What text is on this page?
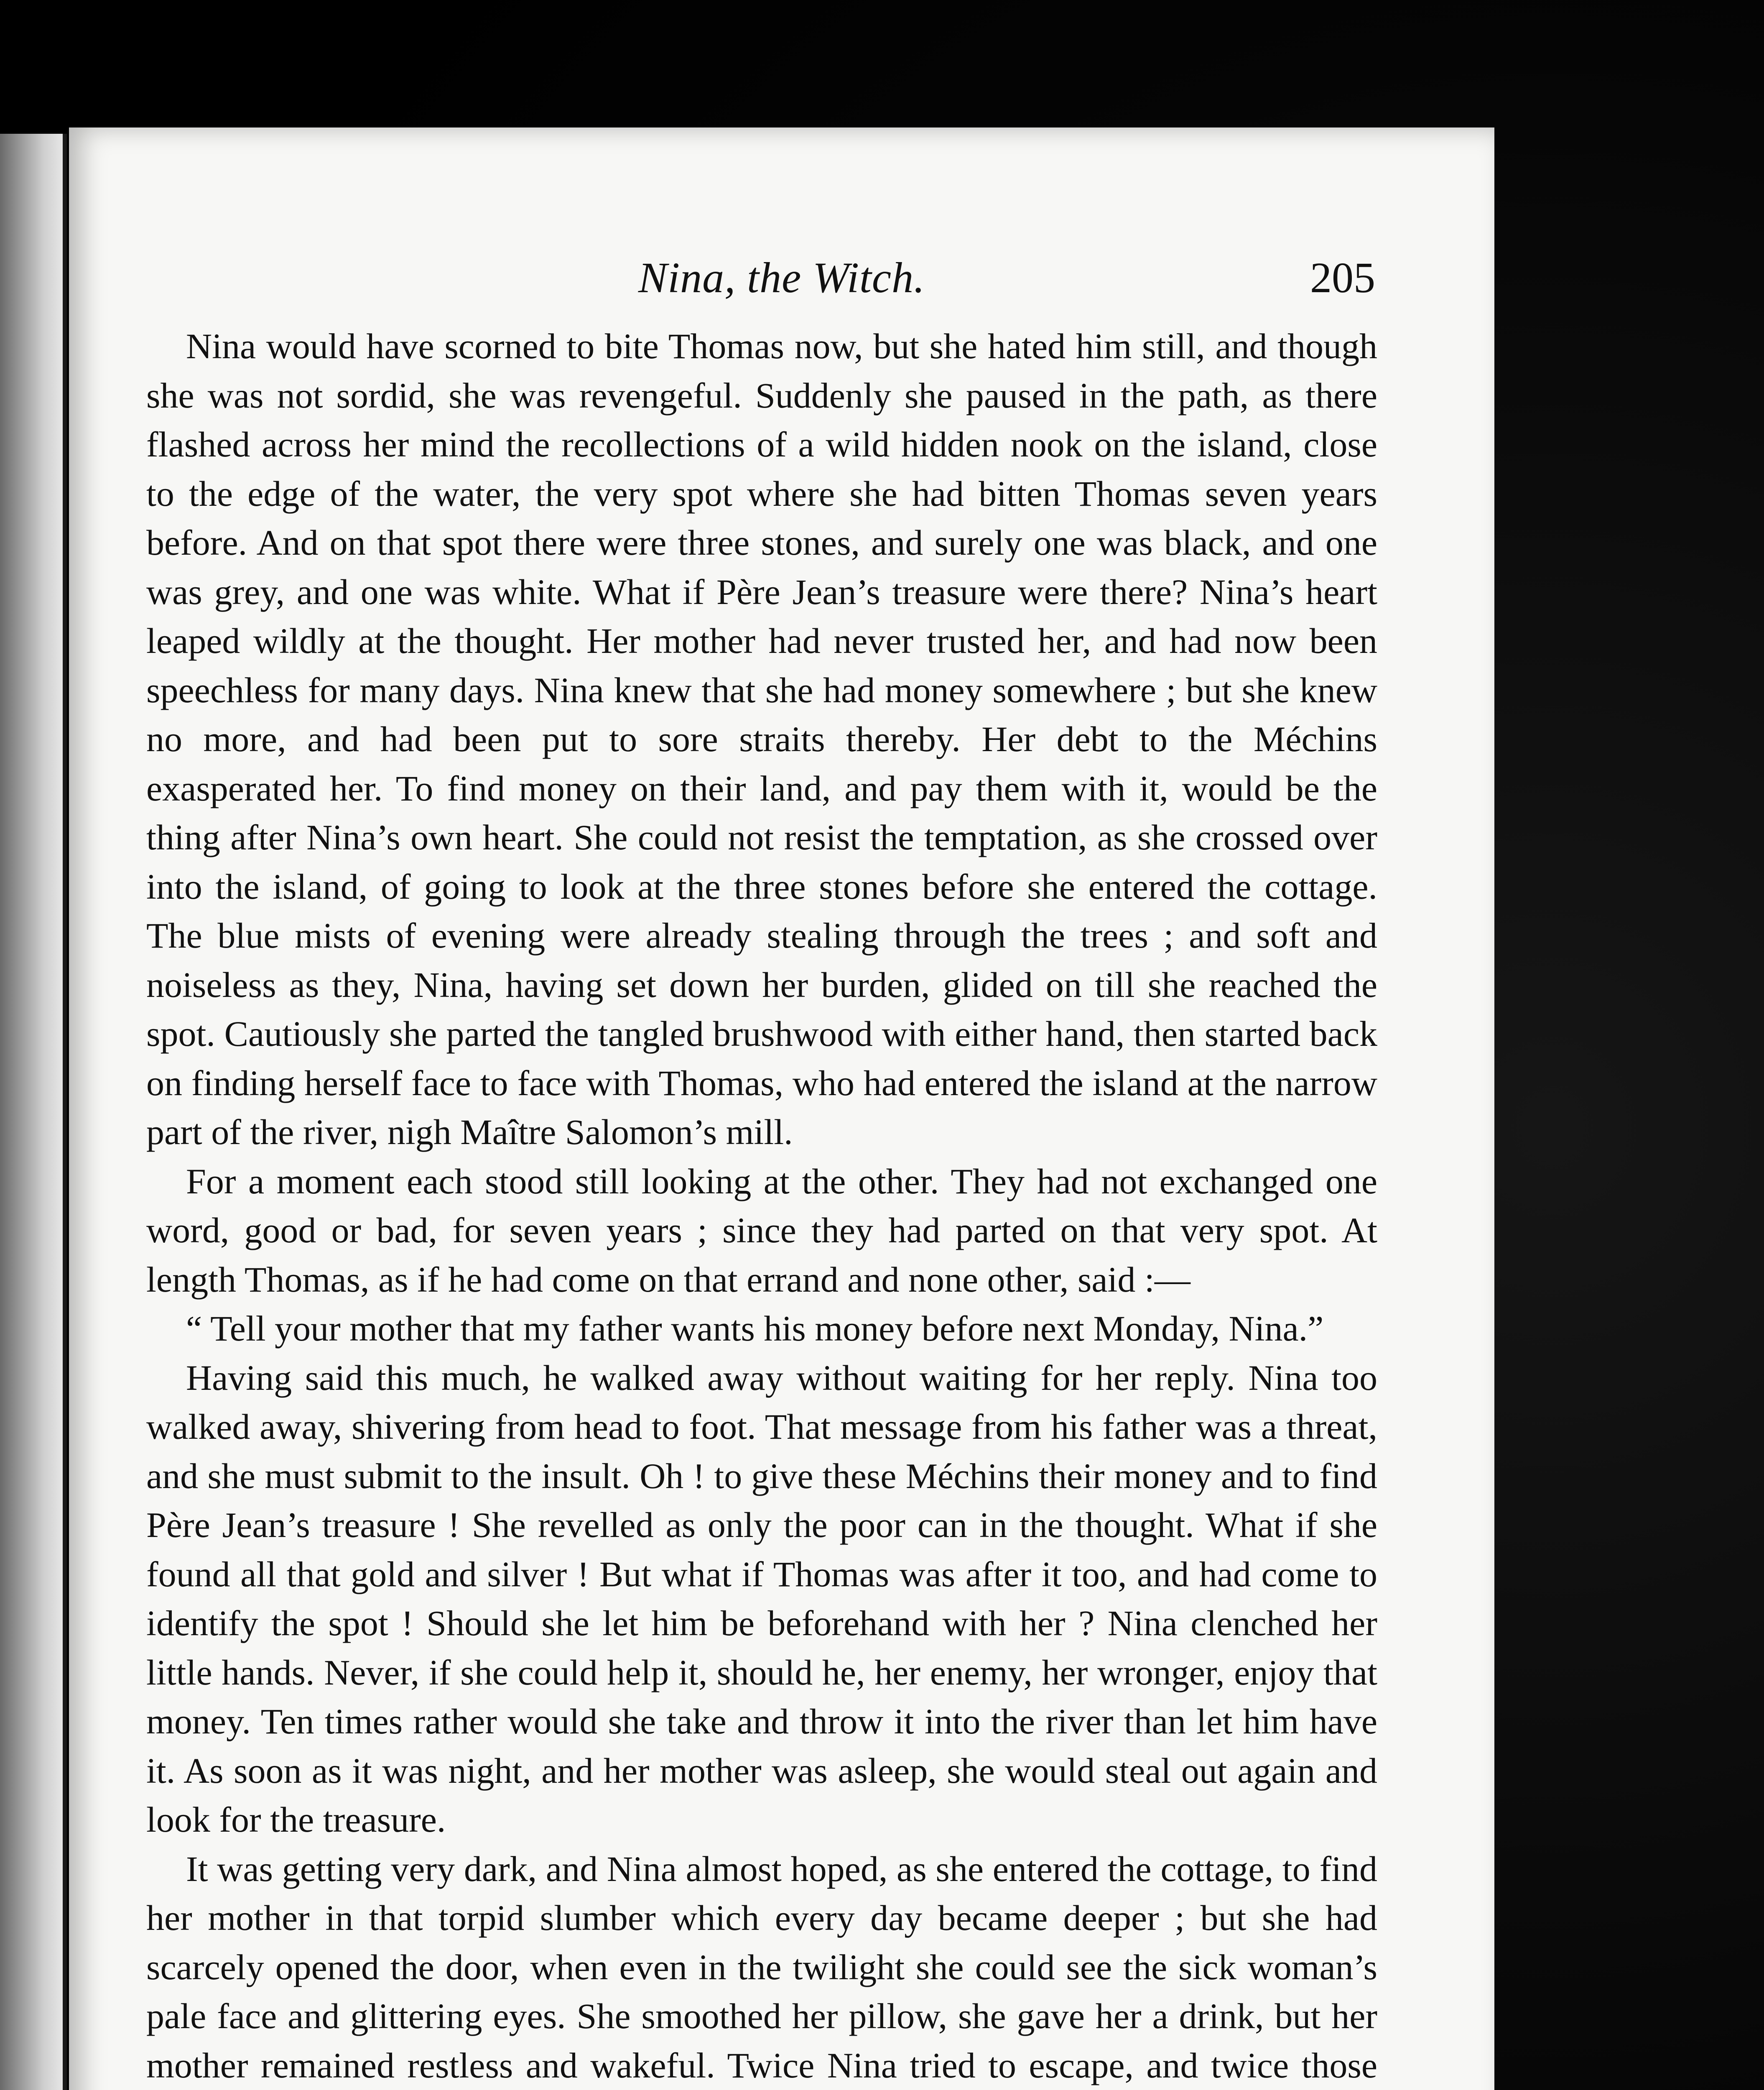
Nina, the Witch.	205

Nina would have scorned to bite Thomas now, but she hated him still, and though she was not sordid, she was revengeful. Suddenly she paused in the path, as there flashed across her mind the recollections of a wild hidden nook on the island, close to the edge of the water, the very spot where she had bitten Thomas seven years before. And on that spot there were three stones, and surely one was black, and one was grey, and one was white. What if Père Jean’s treasure were there? Nina’s heart leaped wildly at the thought. Her mother had never trusted her, and had now been speechless for many days. Nina knew that she had money somewhere ; but she knew no more, and had been put to sore straits thereby. Her debt to the Méchins exasperated her. To find money on their land, and pay them with it, would be the thing after Nina’s own heart. She could not resist the temptation, as she crossed over into the island, of going to look at the three stones before she entered the cottage. The blue mists of evening were already stealing through the trees ; and soft and noiseless as they, Nina, having set down her burden, glided on till she reached the spot. Cautiously she parted the tangled brushwood with either hand, then started back on finding herself face to face with Thomas, who had entered the island at the narrow part of the river, nigh Maître Salomon’s mill.

For a moment each stood still looking at the other. They had not exchanged one word, good or bad, for seven years ; since they had parted on that very spot. At length Thomas, as if he had come on that errand and none other, said :—

“ Tell your mother that my father wants his money before next Monday, Nina.”

Having said this much, he walked away without waiting for her reply. Nina too walked away, shivering from head to foot. That message from his father was a threat, and she must submit to the insult. Oh ! to give these Méchins their money and to find Père Jean’s treasure ! She revelled as only the poor can in the thought. What if she found all that gold and silver ! But what if Thomas was after it too, and had come to identify the spot ! Should she let him be beforehand with her ? Nina clenched her little hands. Never, if she could help it, should he, her enemy, her wronger, enjoy that money. Ten times rather would she take and throw it into the river than let him have it. As soon as it was night, and her mother was asleep, she would steal out again and look for the treasure.

It was getting very dark, and Nina almost hoped, as she entered the cottage, to find her mother in that torpid slumber which every day became deeper ; but she had scarcely opened the door, when even in the twilight she could see the sick woman’s pale face and glittering eyes. She smoothed her pillow, she gave her a drink, but her mother remained restless and wakeful. Twice Nina tried to escape, and twice those
